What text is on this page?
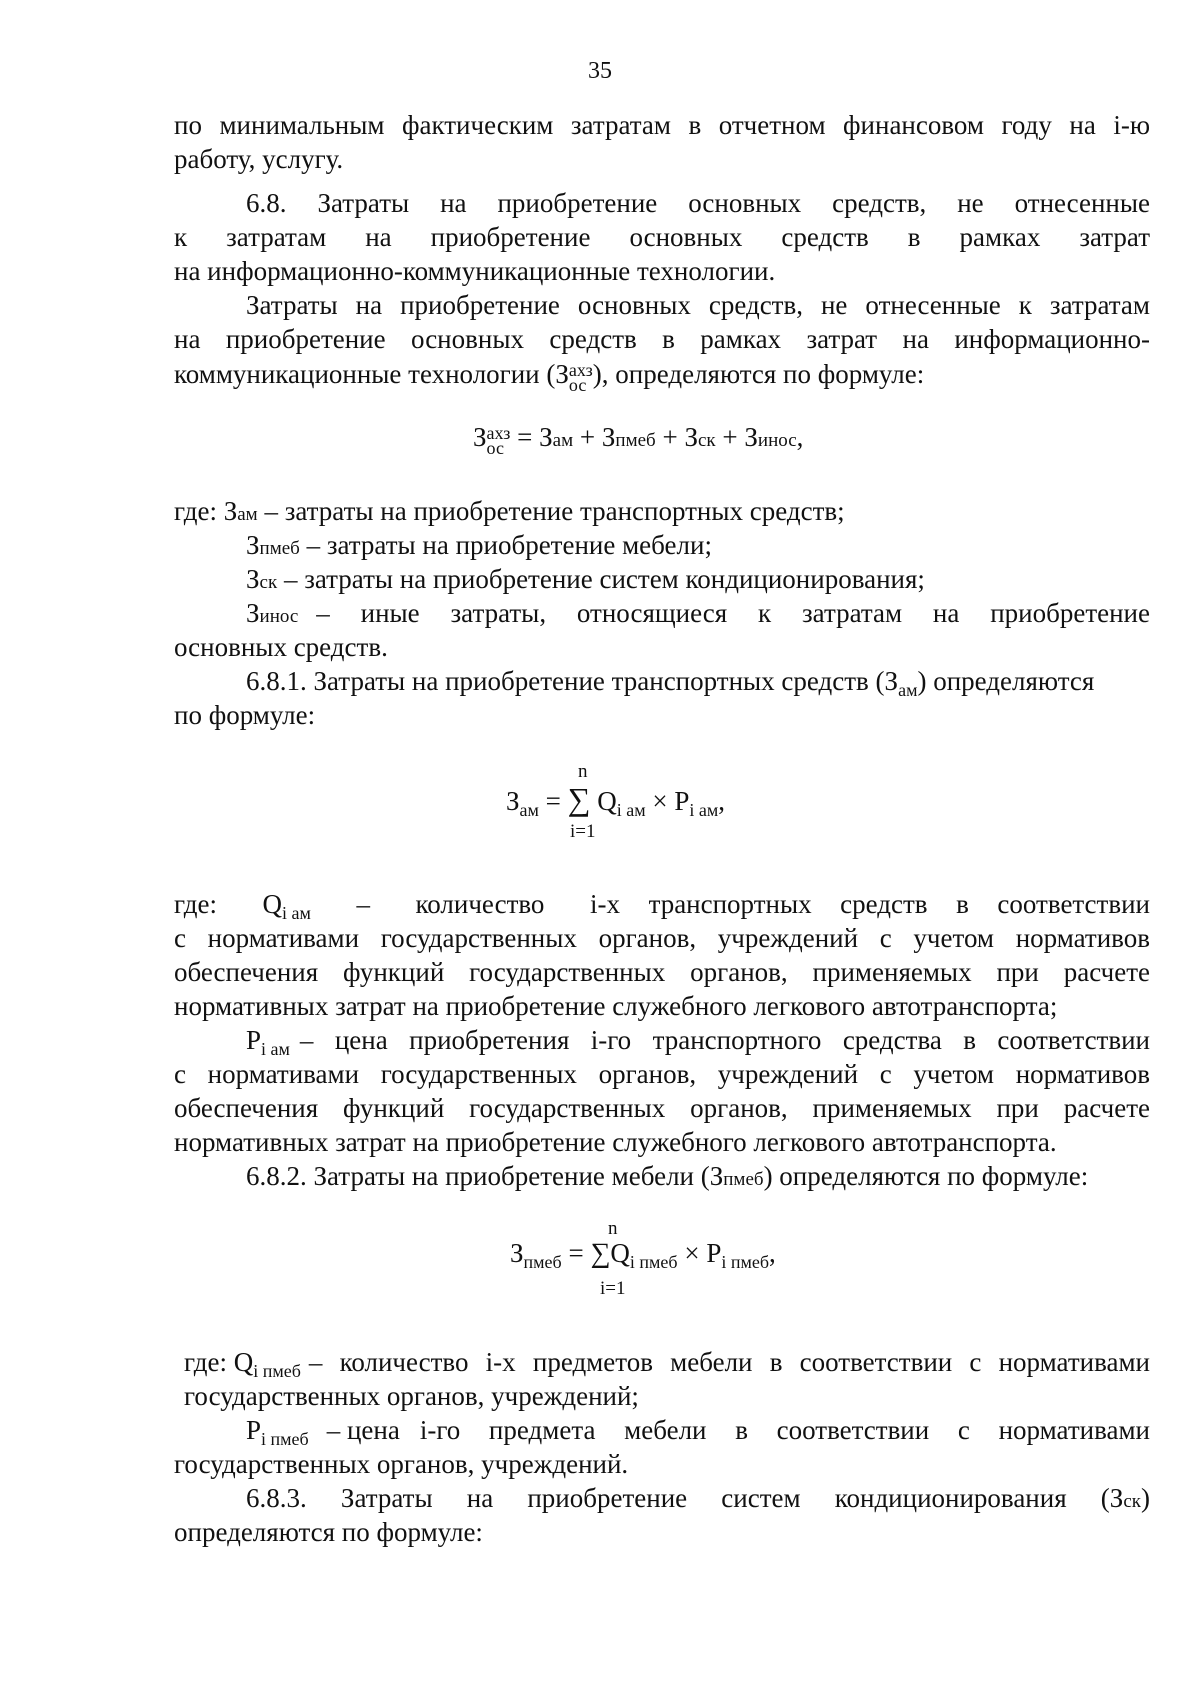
35
по минимальным фактическим затратам в отчетном финансовом году на i-ю
работу, услугу.
6.8. Затраты на приобретение основных средств, не отнесенные
к затратам на приобретение основных средств в рамках затрат
на информационно-коммуникационные технологии.
Затраты на приобретение основных средств, не отнесенные к затратам
на приобретение основных средств в рамках затрат на информационно-
коммуникационные технологии (З ахз
ос ), определяются по формуле:
З ахз
ос = Зам + Зпмеб + Зск + Зинос,
где: Зам – затраты на приобретение транспортных средств;
Зпмеб – затраты на приобретение мебели;
Зск – затраты на приобретение систем кондиционирования;
Зинос – иные затраты, относящиеся к затратам на приобретение
основных средств.
6.8.1. Затраты на приобретение транспортных средств $(З_{ам})$ определяются
по формуле:
n
$З_{ам}$ = ∑ $Q_{i ам} \times P_{i ам}$,
i=1
где: $Q_{i ам}$ – количество i-х транспортных средств в соответствии
с нормативами государственных органов, учреждений с учетом нормативов
обеспечения функций государственных органов, применяемых при расчете
нормативных затрат на приобретение служебного легкового автотранспорта;
$P_{i ам}$ – цена приобретения i-го транспортного средства в соответствии
с нормативами государственных органов, учреждений с учетом нормативов
обеспечения функций государственных органов, применяемых при расчете
нормативных затрат на приобретение служебного легкового автотранспорта.
6.8.2. Затраты на приобретение мебели (Зпмеб) определяются по формуле:
n
$З_{пмеб} = \sum Q_{i пмеб} \times P_{i пмеб}$,
i=1
где: $Q_{i пмеб}$ – количество i-х предметов мебели в соответствии с нормативами
государственных органов, учреждений;
$P_{i пмеб}$ – цена i-го предмета мебели в соответствии с нормативами
государственных органов, учреждений.
6.8.3. Затраты на приобретение систем кондиционирования ( Зск)
определяются по формуле:
